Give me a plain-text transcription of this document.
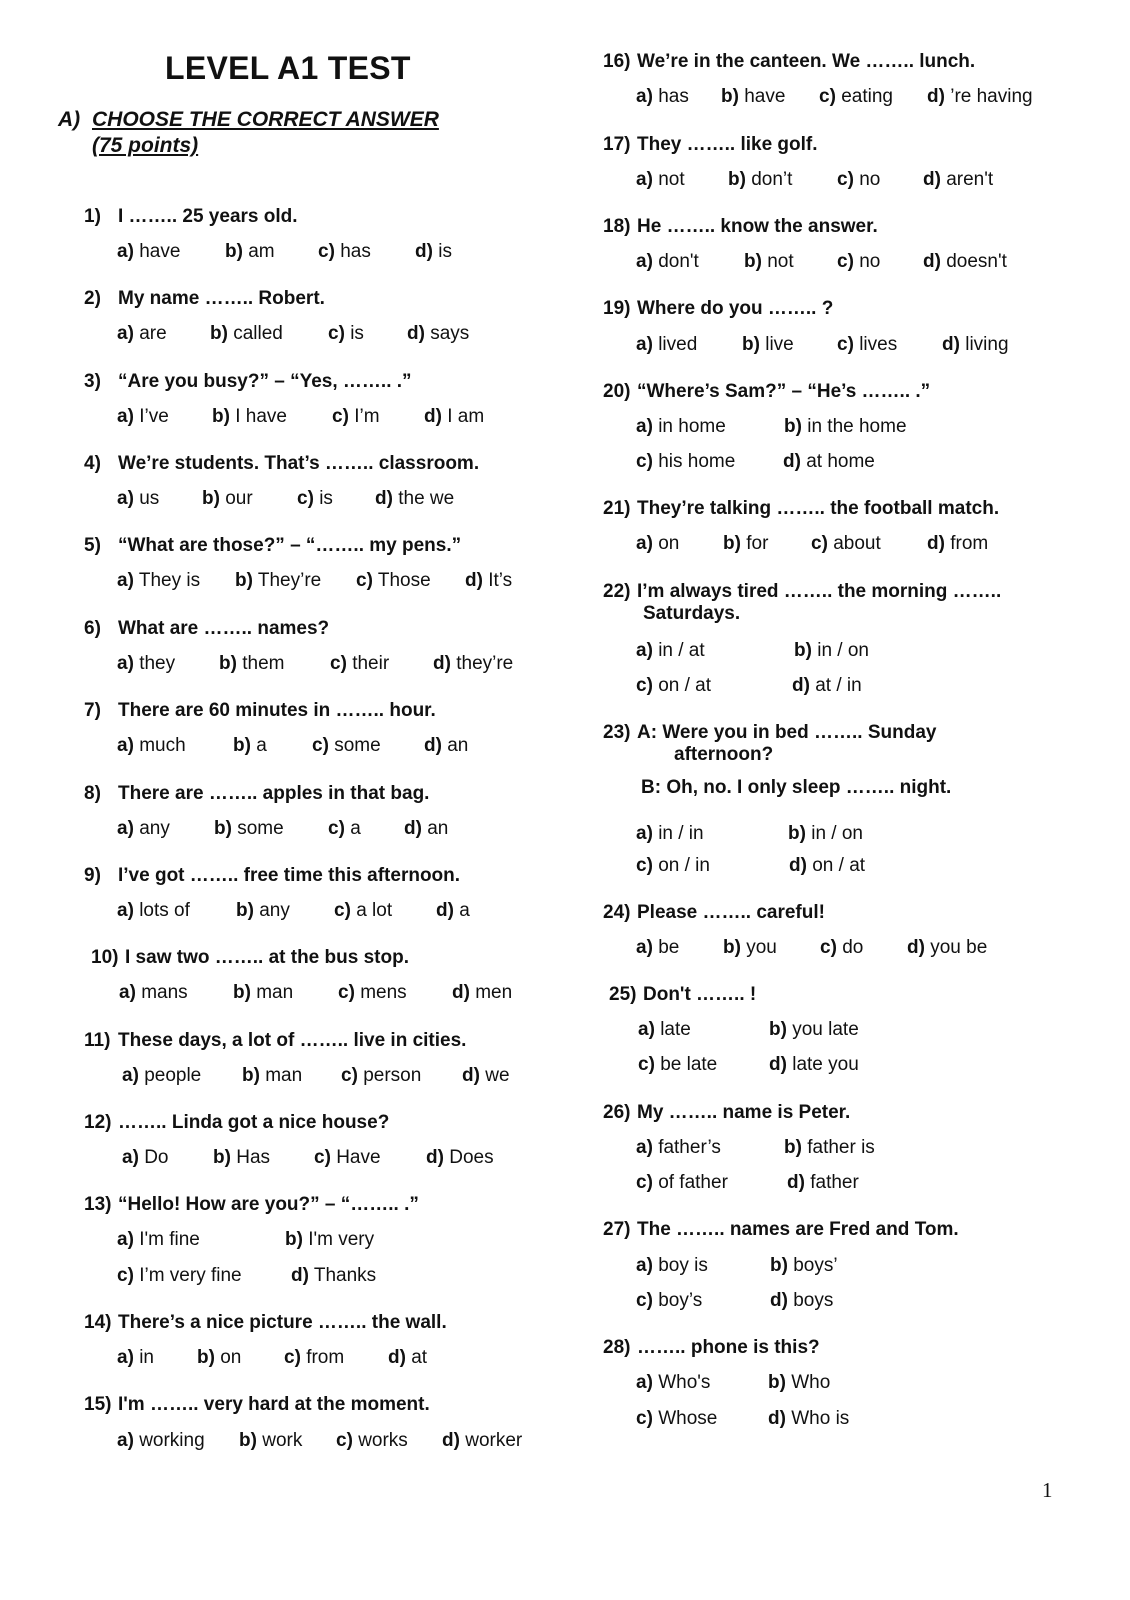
LEVEL A1 TEST
A) CHOOSE THE CORRECT ANSWER
(75 points)
1) I …….. 25 years old.
a) have b) am c) has d) is
2) My name …….. Robert.
a) are b) called c) is d) says
3) “Are you busy?” – “Yes, …….. .”
a) I’ve b) I have c) I’m d) I am
4) We’re students. That’s …….. classroom.
a) us b) our c) is d) the we
5) “What are those?” – “…….. my pens.”
a) They is b) They’re c) Those d) It’s
6) What are …….. names?
a) they b) them c) their d) they’re
7) There are 60 minutes in …….. hour.
a) much b) a c) some d) an
8) There are …….. apples in that bag.
a) any b) some c) a d) an
9) I’ve got …….. free time this afternoon.
a) lots of b) any c) a lot d) a
10) I saw two …….. at the bus stop.
a) mans b) man c) mens d) men
11) These days, a lot of …….. live in cities.
a) people b) man c) person d) we
12) …….. Linda got a nice house?
a) Do b) Has c) Have d) Does
13) “Hello! How are you?” – “…….. .”
a) I'm fine	b) I'm very
c) I’m very fine	d) Thanks
14) There’s a nice picture …….. the wall.
a) in b) on c) from d) at
15) I'm …….. very hard at the moment.
a) working b) work c) works d) worker
16) We’re in the canteen. We …….. lunch.
a) has b) have c) eating d) ’re having
17) They …….. like golf.
a) not b) don’t c) no d) aren't
18) He …….. know the answer.
a) don't b) not c) no d) doesn't
19) Where do you …….. ?
a) lived b) live c) lives d) living
20) “Where’s Sam?” – “He’s …….. .”
a) in home	b) in the home
c) his home	d) at home
21) They’re talking …….. the football match.
a) on b) for c) about d) from
22) I’m always tired …….. the morning ……..
Saturdays.
a) in / at	b) in / on
c) on / at	d) at / in
23) A: Were you in bed …….. Sunday
afternoon?
B: Oh, no. I only sleep …….. night.
a) in / in	b) in / on
c) on / in	d) on / at
24) Please …….. careful!
a) be b) you c) do d) you be
25) Don't …….. !
a) late	b) you late
c) be late	d) late you
26) My …….. name is Peter.
a) father’s	b) father is
c) of father	d) father
27) The …….. names are Fred and Tom.
a) boy is	b) boys’
c) boy’s	d) boys
28) …….. phone is this?
a) Who's	b) Who
c) Whose	d) Who is
1
